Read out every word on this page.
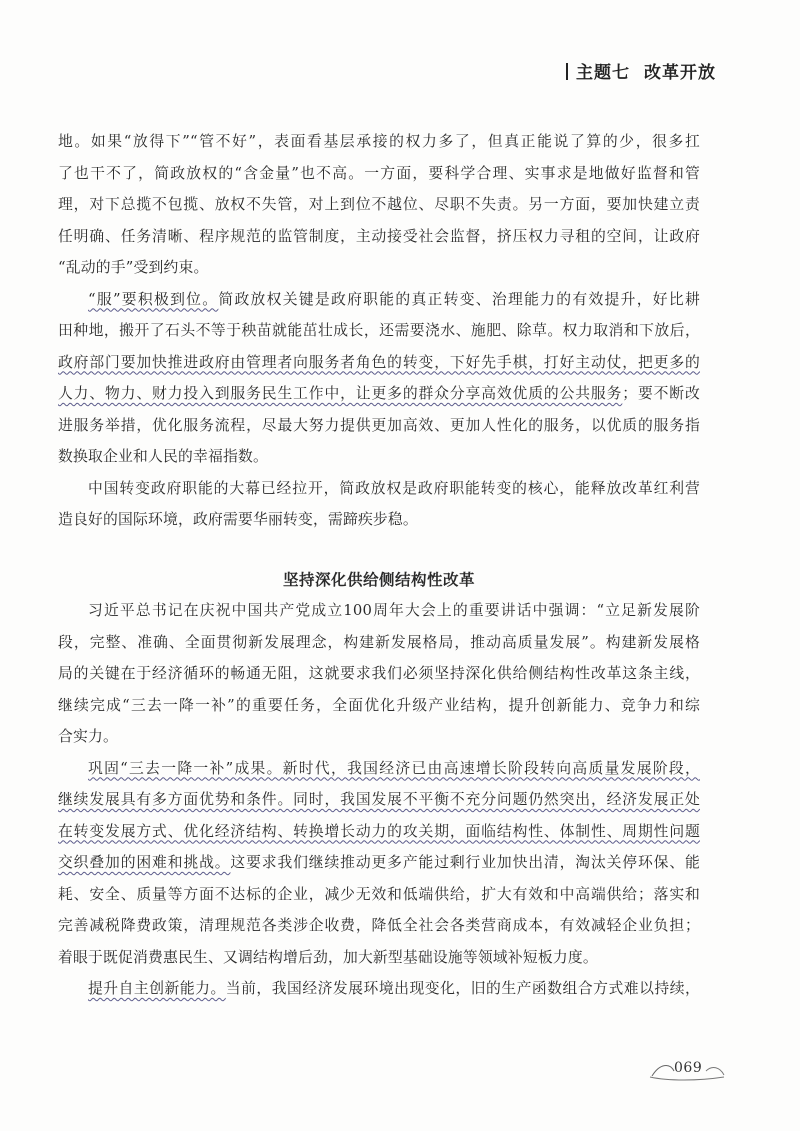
主题七 改革开放
地。如果“放得下”“管不好”，表面看基层承接的权力多了，但真正能说了算的少，很多扛
了也干不了，简政放权的“含金量”也不高。一方面，要科学合理、实事求是地做好监督和管
理，对下总揽不包揽、放权不失管，对上到位不越位、尽职不失责。另一方面，要加快建立责
任明确、任务清晰、程序规范的监管制度，主动接受社会监督，挤压权力寻租的空间，让政府
“乱动的手”受到约束。
“服”要积极到位。简政放权关键是政府职能的真正转变、治理能力的有效提升，好比耕
田种地，搬开了石头不等于秧苗就能茁壮成长，还需要浇水、施肥、除草。权力取消和下放后，
政府部门要加快推进政府由管理者向服务者角色的转变，下好先手棋，打好主动仗，把更多的
人力、物力、财力投入到服务民生工作中，让更多的群众分享高效优质的公共服务；要不断改
进服务举措，优化服务流程，尽最大努力提供更加高效、更加人性化的服务，以优质的服务指
数换取企业和人民的幸福指数。
中国转变政府职能的大幕已经拉开，简政放权是政府职能转变的核心，能释放改革红利营
造良好的国际环境，政府需要华丽转变，需蹄疾步稳。
坚持深化供给侧结构性改革
习近平总书记在庆祝中国共产党成立100周年大会上的重要讲话中强调：“立足新发展阶
段，完整、准确、全面贯彻新发展理念，构建新发展格局，推动高质量发展”。构建新发展格
局的关键在于经济循环的畅通无阻，这就要求我们必须坚持深化供给侧结构性改革这条主线，
继续完成“三去一降一补”的重要任务，全面优化升级产业结构，提升创新能力、竞争力和综
合实力。
巩固“三去一降一补”成果。新时代，我国经济已由高速增长阶段转向高质量发展阶段，
继续发展具有多方面优势和条件。同时，我国发展不平衡不充分问题仍然突出，经济发展正处
在转变发展方式、优化经济结构、转换增长动力的攻关期，面临结构性、体制性、周期性问题
交织叠加的困难和挑战。这要求我们继续推动更多产能过剩行业加快出清，淘汰关停环保、能
耗、安全、质量等方面不达标的企业，减少无效和低端供给，扩大有效和中高端供给；落实和
完善减税降费政策，清理规范各类涉企收费，降低全社会各类营商成本，有效减轻企业负担；
着眼于既促消费惠民生、又调结构增后劲，加大新型基础设施等领域补短板力度。
提升自主创新能力。当前，我国经济发展环境出现变化，旧的生产函数组合方式难以持续，
069
